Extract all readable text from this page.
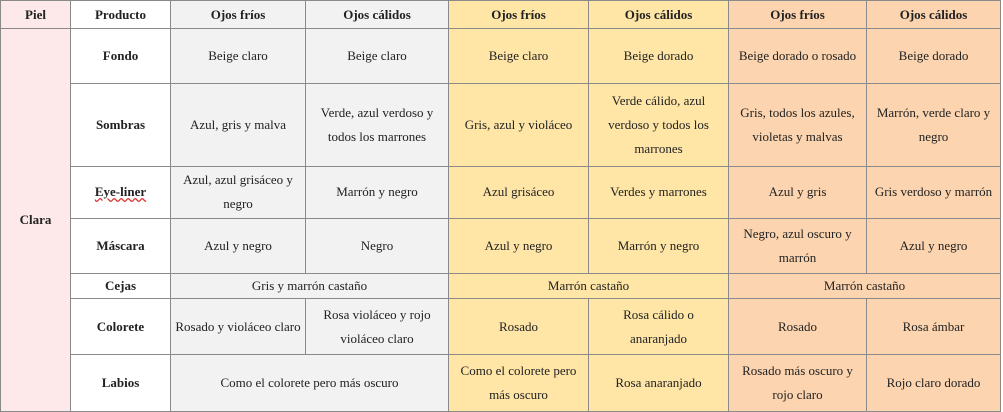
Piel	Producto	Ojos fríos	Ojos cálidos	Ojos fríos	Ojos cálidos	Ojos fríos	Ojos cálidos
Clara	Fondo	Beige claro	Beige claro	Beige claro	Beige dorado	Beige dorado o rosado	Beige dorado
	Sombras	Azul, gris y malva	Verde, azul verdoso y todos los marrones	Gris, azul y violáceo	Verde cálido, azul verdoso y todos los marrones	Gris, todos los azules, violetas y malvas	Marrón, verde claro y negro
	Eye-liner	Azul, azul grisáceo y negro	Marrón y negro	Azul grisáceo	Verdes y marrones	Azul y gris	Gris verdoso y marrón
	Máscara	Azul y negro	Negro	Azul y negro	Marrón y negro	Negro, azul oscuro y marrón	Azul y negro
	Cejas	Gris y marrón castaño		Marrón castaño		Marrón castaño	
	Colorete	Rosado y violáceo claro	Rosa violáceo y rojo violáceo claro	Rosado	Rosa cálido o anaranjado	Rosado	Rosa ámbar
	Labios	Como el colorete pero más oscuro		Como el colorete pero más oscuro	Rosa anaranjado	Rosado más oscuro y rojo claro	Rojo claro dorado
